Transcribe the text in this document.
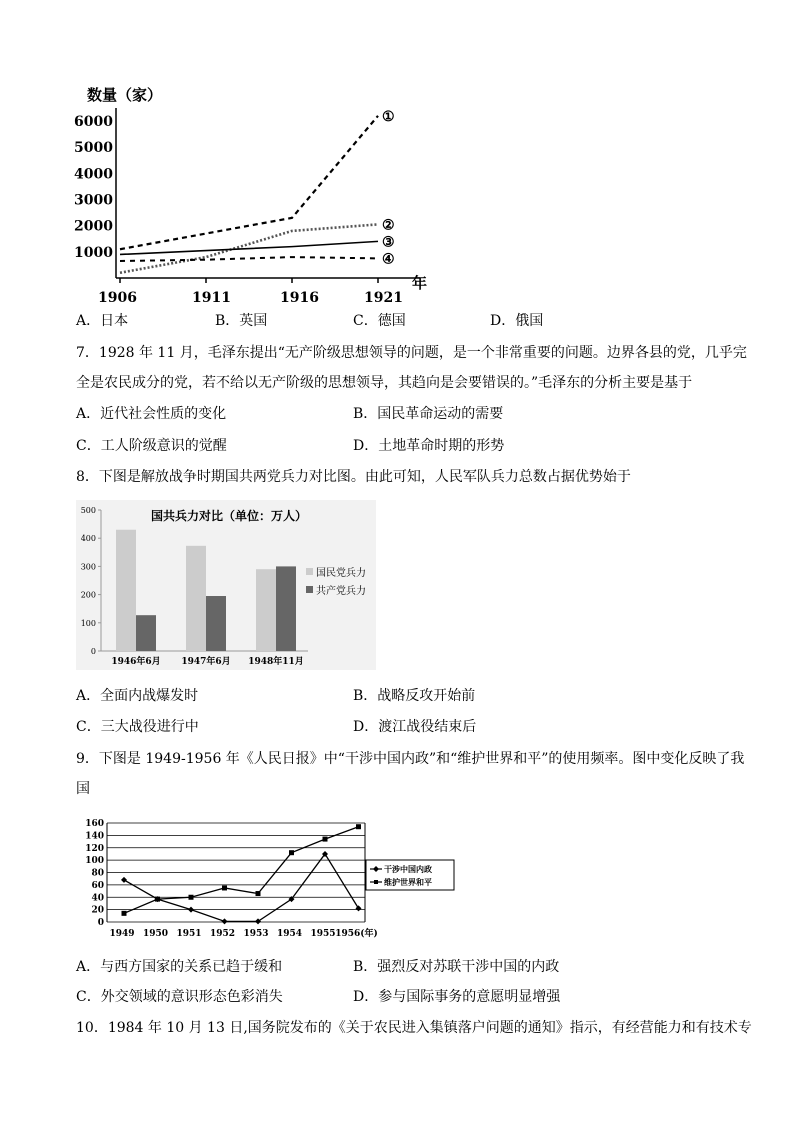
数量（家）
6000
5000
4000
3000
2000
1000
1906	1911	1916	1921
①
②
③
④
年
A．日本	B．英国	C．德国	D．俄国
7．1928 年 11 月，毛泽东提出“无产阶级思想领导的问题，是一个非常重要的问题。边界各县的党，几乎完
全是农民成分的党，若不给以无产阶级的思想领导，其趋向是会要错误的。”毛泽东的分析主要是基于
A．近代社会性质的变化	B．国民革命运动的需要
C．工人阶级意识的觉醒	D．土地革命时期的形势
8．下图是解放战争时期国共两党兵力对比图。由此可知，人民军队兵力总数占据优势始于
国共兵力对比（单位：万人）
500
400
300
200
100
0
1946年6月 1947年6月 1948年11月
国民党兵力
共产党兵力
A．全面内战爆发时	B．战略反攻开始前
C．三大战役进行中	D．渡江战役结束后
9．下图是 1949-1956 年《人民日报》中“干涉中国内政”和“维护世界和平”的使用频率。图中变化反映了我
国
160
140
120
100
80
60
40
20
0
1949 1950 1951 1952 1953 1954 1955 1956(年)
干涉中国内政
维护世界和平
A．与西方国家的关系已趋于缓和	B．强烈反对苏联干涉中国的内政
C．外交领域的意识形态色彩消失	D．参与国际事务的意愿明显增强
10．1984 年 10 月 13 日,国务院发布的《关于农民进入集镇落户问题的通知》指示，有经营能力和有技术专
